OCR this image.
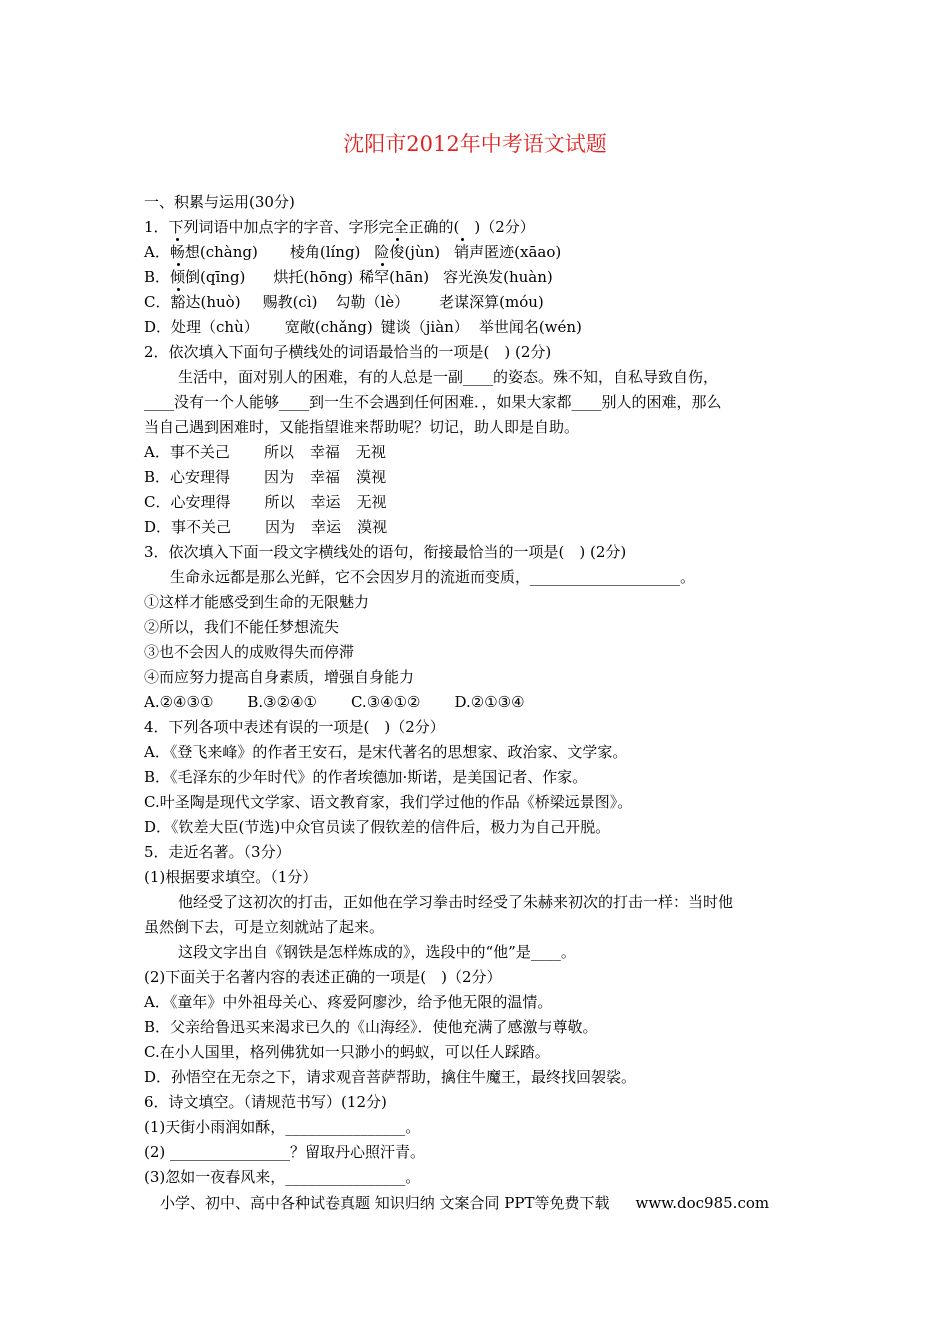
沈阳市2012年中考语文试题
一、积累与运用(30分)
1．下列词语中加点字的字音、字形完全正确的(　)（2分）
A．畅想(chàng) 棱角(líng) 险俊(jùn) 销声匿迹(xāao)
B．倾倒(qīng) 烘托(hōng) 稀罕(hān) 容光涣发(huàn)
C．豁达(huò) 赐教(cì) 勾勒（lè） 老谋深算(móu)
D．处理（chù） 宽敞(chǎng) 键谈（jiàn） 举世闻名(wén)
2．依次填入下面句子横线处的词语最恰当的一项是(　) (2分)
生活中，面对别人的困难，有的人总是一副____的姿态。殊不知，自私导致自伤，
____没有一个人能够____到一生不会遇到任何困难．，如果大家都____别人的困难，那么
当自己遇到困难时，又能指望谁来帮助呢？切记，助人即是自助。
A．事不关己 所以 幸福 无视
B．心安理得 因为 幸福 漠视
C．心安理得 所以 幸运 无视
D．事不关己 因为 幸运 漠视
3．依次填入下面一段文字横线处的语句，衔接最恰当的一项是(　) (2分)
生命永远都是那么光鲜，它不会因岁月的流逝而变质，____________________。
①这样才能感受到生命的无限魅力
②所以，我们不能任梦想流失
③也不会因人的成败得失而停滞
④而应努力提高自身素质，增强自身能力
A.②④③① B.③②④① C.③④①② D.②①③④
4．下列各项中表述有误的一项是(　)（2分）
A．《登飞来峰》的作者王安石，是宋代著名的思想家、政治家、文学家。
B．《毛泽东的少年时代》的作者埃德加·斯诺，是美国记者、作家。
C.叶圣陶是现代文学家、语文教育家，我们学过他的作品《桥梁远景图》。
D．《钦差大臣(节选)中众官员读了假钦差的信件后，极力为自己开脱。
5．走近名著。（3分）
(1)根据要求填空。（1分）
他经受了这初次的打击，正如他在学习拳击时经受了朱赫来初次的打击一样：当时他
虽然倒下去，可是立刻就站了起来。
这段文字出自《钢铁是怎样炼成的》，选段中的“他”是____。
(2)下面关于名著内容的表述正确的一项是(　)（2分）
A．《童年》中外祖母关心、疼爱阿廖沙，给予他无限的温情。
B．父亲给鲁迅买来渴求已久的《山海经》．使他充满了感激与尊敬。
C.在小人国里，格列佛犹如一只渺小的蚂蚁，可以任人踩踏。
D．孙悟空在无奈之下，请求观音菩萨帮助，擒住牛魔王，最终找回袈裟。
6．诗文填空。（请规范书写）(12分)
(1)天街小雨润如酥，________________。
(2) ________________？留取丹心照汗青。
(3)忽如一夜春风来，________________。
小学、初中、高中各种试卷真题 知识归纳 文案合同 PPT等免费下载 www.doc985.com
